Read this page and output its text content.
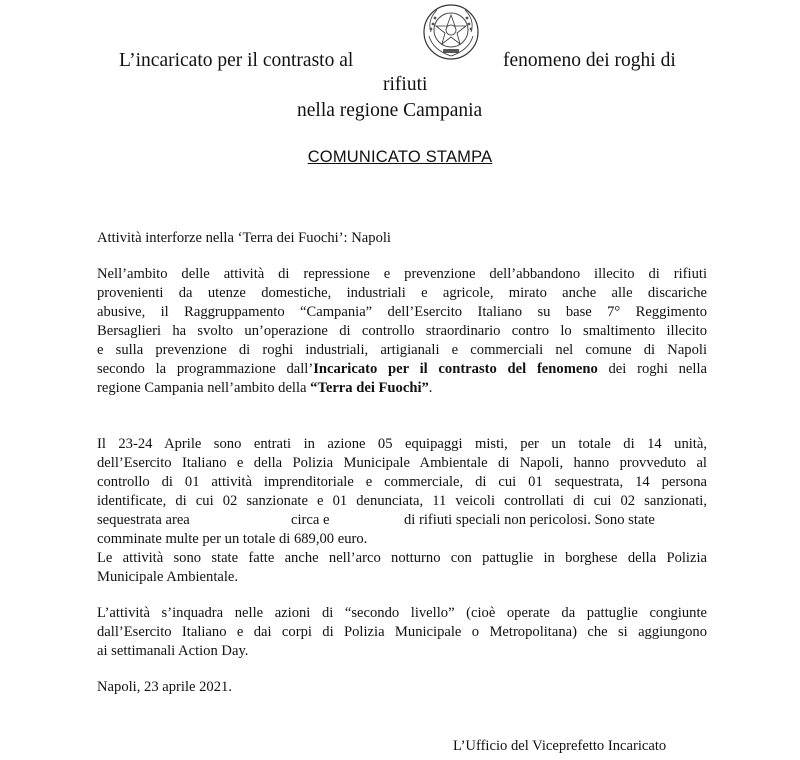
L’incaricato per il contrasto al	fenomeno dei roghi di
rifiuti
nella regione Campania
COMUNICATO STAMPA
Attività interforze nella ‘Terra dei Fuochi’: Napoli
Nell’ambito delle attività di repressione e prevenzione dell’abbandono illecito di rifiuti
provenienti da utenze domestiche, industriali e agricole, mirato anche alle discariche
abusive, il Raggruppamento “Campania” dell’Esercito Italiano su base 7° Reggimento
Bersaglieri ha svolto un’operazione di controllo straordinario contro lo smaltimento illecito
e sulla prevenzione di roghi industriali, artigianali e commerciali nel comune di Napoli
secondo la programmazione dall’Incaricato per il contrasto del fenomeno dei roghi nella
regione Campania nell’ambito della “Terra dei Fuochi”.
Il 23-24 Aprile sono entrati in azione 05 equipaggi misti, per un totale di 14 unità,
dell’Esercito Italiano e della Polizia Municipale Ambientale di Napoli, hanno provveduto al
controllo di 01 attività imprenditoriale e commerciale, di cui 01 sequestrata, 14 persona
identificate, di cui 02 sanzionate e 01 denunciata, 11 veicoli controllati di cui 02 sanzionati,
sequestrata area	circa e	di rifiuti speciali non pericolosi. Sono state
comminate multe per un totale di 689,00 euro.
Le attività sono state fatte anche nell’arco notturno con pattuglie in borghese della Polizia
Municipale Ambientale.
L’attività s’inquadra nelle azioni di “secondo livello” (cioè operate da pattuglie congiunte
dall’Esercito Italiano e dai corpi di Polizia Municipale o Metropolitana) che si aggiungono
ai settimanali Action Day.
Napoli, 23 aprile 2021.
L’Ufficio del Viceprefetto Incaricato
